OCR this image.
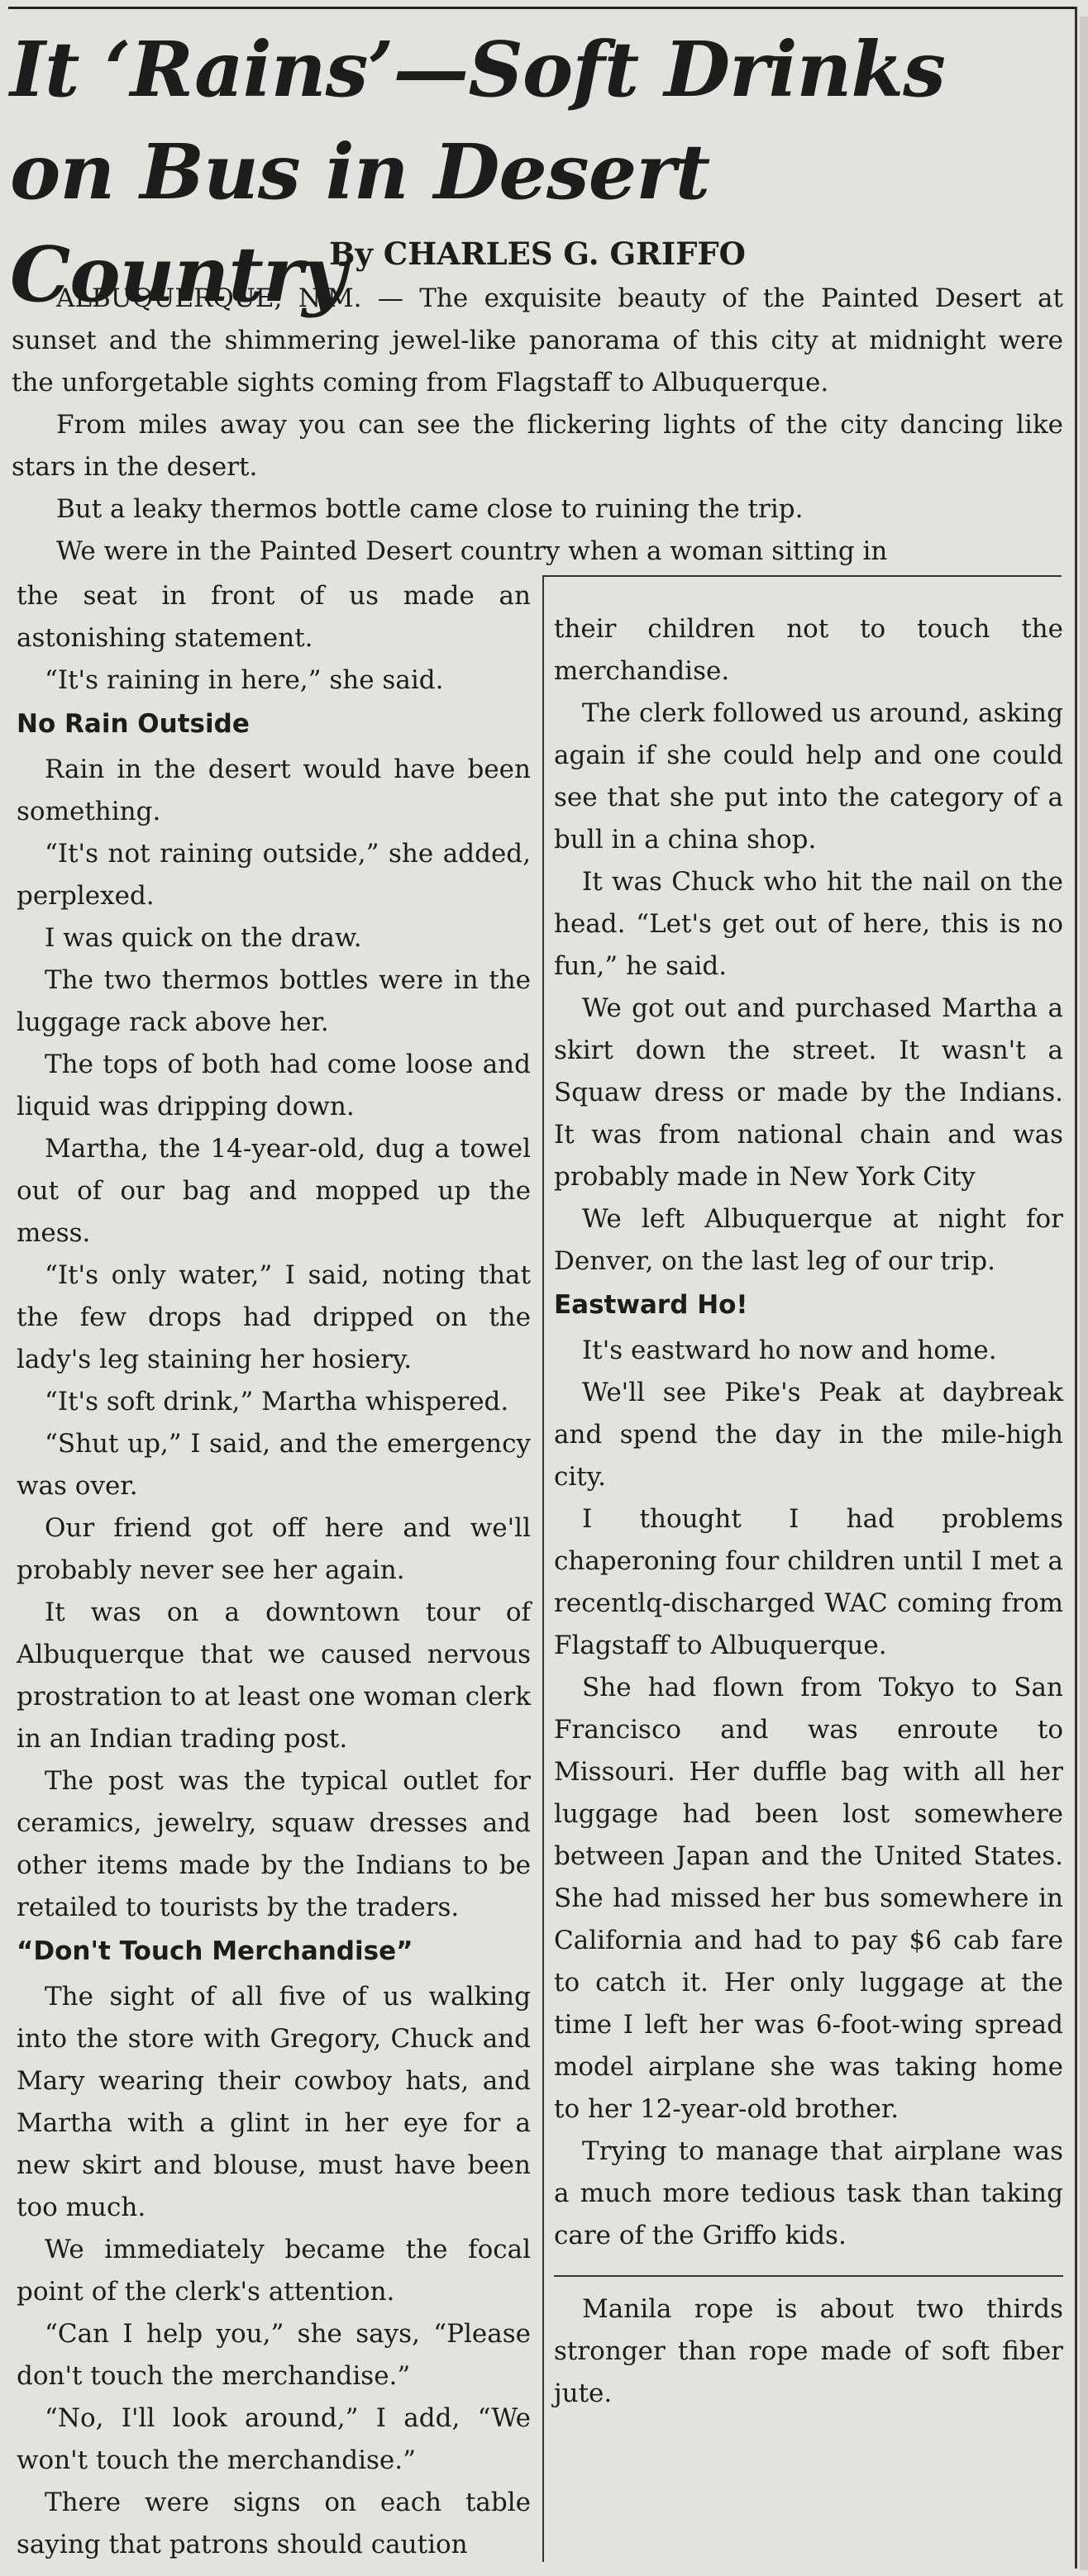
It ‘Rains’—Soft Drinks
on Bus in Desert Country
By CHARLES G. GRIFFO

ALBUQUERQUE, N.M. — The exquisite beauty of the Painted Desert at sunset and the shimmering jewel-like panorama of this city at midnight were the unforgetable sights coming from Flagstaff to Albuquerque.

From miles away you can see the flickering lights of the city dancing like stars in the desert.

But a leaky thermos bottle came close to ruining the trip.

We were in the Painted Desert country when a woman sitting in

the seat in front of us made an astonishing statement.

“It's raining in here,” she said.

No Rain Outside

Rain in the desert would have been something.

“It's not raining outside,” she added, perplexed.

I was quick on the draw.

The two thermos bottles were in the luggage rack above her.

The tops of both had come loose and liquid was dripping down.

Martha, the 14-year-old, dug a towel out of our bag and mopped up the mess.

“It's only water,” I said, noting that the few drops had dripped on the lady's leg staining her hosiery.

“It's soft drink,” Martha whispered.

“Shut up,” I said, and the emergency was over.

Our friend got off here and we'll probably never see her again.

It was on a downtown tour of Albuquerque that we caused nervous prostration to at least one woman clerk in an Indian trading post.

The post was the typical outlet for ceramics, jewelry, squaw dresses and other items made by the Indians to be retailed to tourists by the traders.

“Don't Touch Merchandise”

The sight of all five of us walking into the store with Gregory, Chuck and Mary wearing their cowboy hats, and Martha with a glint in her eye for a new skirt and blouse, must have been too much.

We immediately became the focal point of the clerk's attention.

“Can I help you,” she says, “Please don't touch the merchandise.”

“No, I'll look around,” I add, “We won't touch the merchandise.”

There were signs on each table saying that patrons should caution

their children not to touch the merchandise.

The clerk followed us around, asking again if she could help and one could see that she put into the category of a bull in a china shop.

It was Chuck who hit the nail on the head. “Let's get out of here, this is no fun,” he said.

We got out and purchased Martha a skirt down the street. It wasn't a Squaw dress or made by the Indians. It was from national chain and was probably made in New York City

We left Albuquerque at night for Denver, on the last leg of our trip.

Eastward Ho!

It's eastward ho now and home.

We'll see Pike's Peak at daybreak and spend the day in the mile-high city.

I thought I had problems chaperoning four children until I met a recentlq-discharged WAC coming from Flagstaff to Albuquerque.

She had flown from Tokyo to San Francisco and was enroute to Missouri. Her duffle bag with all her luggage had been lost somewhere between Japan and the United States. She had missed her bus somewhere in California and had to pay $6 cab fare to catch it. Her only luggage at the time I left her was 6-foot-wing spread model airplane she was taking home to her 12-year-old brother.

Trying to manage that airplane was a much more tedious task than taking care of the Griffo kids.

Manila rope is about two thirds stronger than rope made of soft fiber jute.
